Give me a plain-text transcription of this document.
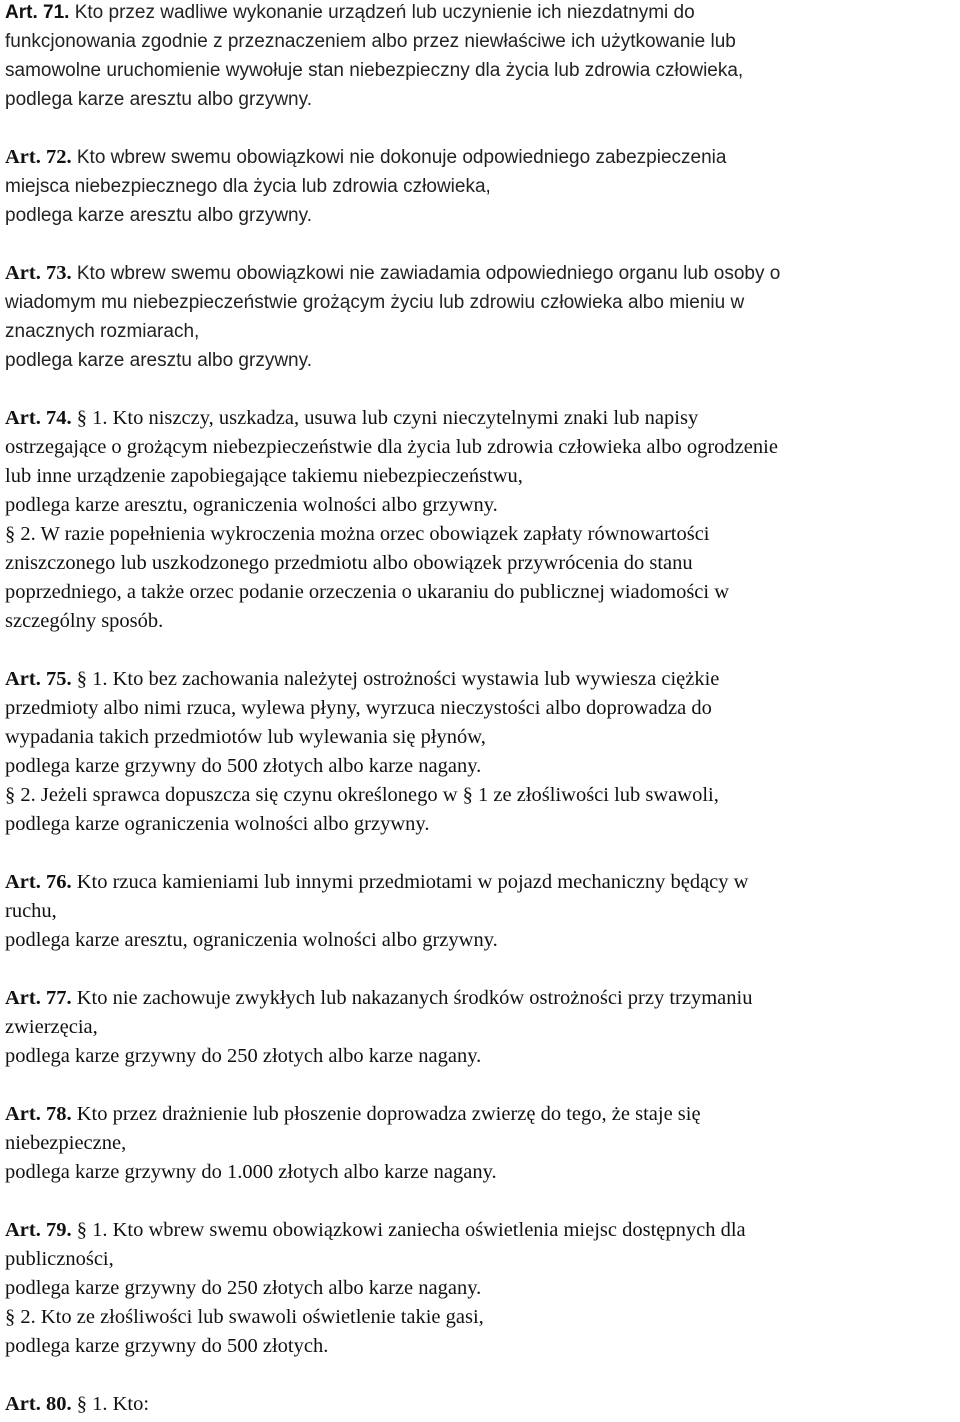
Art. 71. Kto przez wadliwe wykonanie urządzeń lub uczynienie ich niezdatnymi do
funkcjonowania zgodnie z przeznaczeniem albo przez niewłaściwe ich użytkowanie lub
samowolne uruchomienie wywołuje stan niebezpieczny dla życia lub zdrowia człowieka,
podlega karze aresztu albo grzywny.
Art. 72. Kto wbrew swemu obowiązkowi nie dokonuje odpowiedniego zabezpieczenia
miejsca niebezpiecznego dla życia lub zdrowia człowieka,
podlega karze aresztu albo grzywny.
Art. 73. Kto wbrew swemu obowiązkowi nie zawiadamia odpowiedniego organu lub osoby o
wiadomym mu niebezpieczeństwie grożącym życiu lub zdrowiu człowieka albo mieniu w
znacznych rozmiarach,
podlega karze aresztu albo grzywny.
Art. 74. § 1. Kto niszczy, uszkadza, usuwa lub czyni nieczytelnymi znaki lub napisy
ostrzegające o grożącym niebezpieczeństwie dla życia lub zdrowia człowieka albo ogrodzenie
lub inne urządzenie zapobiegające takiemu niebezpieczeństwu,
podlega karze aresztu, ograniczenia wolności albo grzywny.
§ 2. W razie popełnienia wykroczenia można orzec obowiązek zapłaty równowartości
zniszczonego lub uszkodzonego przedmiotu albo obowiązek przywrócenia do stanu
poprzedniego, a także orzec podanie orzeczenia o ukaraniu do publicznej wiadomości w
szczególny sposób.
Art. 75. § 1. Kto bez zachowania należytej ostrożności wystawia lub wywiesza ciężkie
przedmioty albo nimi rzuca, wylewa płyny, wyrzuca nieczystości albo doprowadza do
wypadania takich przedmiotów lub wylewania się płynów,
podlega karze grzywny do 500 złotych albo karze nagany.
§ 2. Jeżeli sprawca dopuszcza się czynu określonego w § 1 ze złośliwości lub swawoli,
podlega karze ograniczenia wolności albo grzywny.
Art. 76. Kto rzuca kamieniami lub innymi przedmiotami w pojazd mechaniczny będący w
ruchu,
podlega karze aresztu, ograniczenia wolności albo grzywny.
Art. 77. Kto nie zachowuje zwykłych lub nakazanych środków ostrożności przy trzymaniu
zwierzęcia,
podlega karze grzywny do 250 złotych albo karze nagany.
Art. 78. Kto przez drażnienie lub płoszenie doprowadza zwierzę do tego, że staje się
niebezpieczne,
podlega karze grzywny do 1.000 złotych albo karze nagany.
Art. 79. § 1. Kto wbrew swemu obowiązkowi zaniecha oświetlenia miejsc dostępnych dla
publiczności,
podlega karze grzywny do 250 złotych albo karze nagany.
§ 2. Kto ze złośliwości lub swawoli oświetlenie takie gasi,
podlega karze grzywny do 500 złotych.
Art. 80. § 1. Kto:
